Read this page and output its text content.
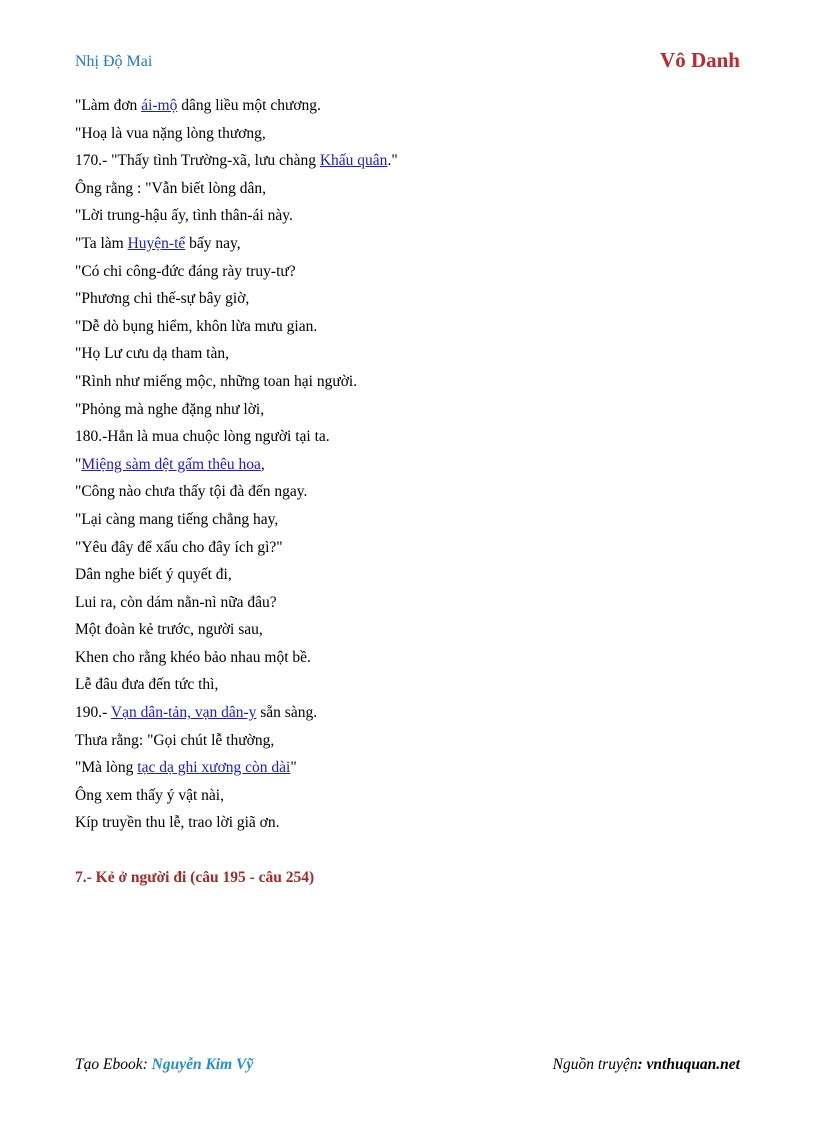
Nhị Độ Mai	Vô Danh
"Làm đơn ái-mộ dâng liều một chương.
"Hoạ là vua nặng lòng thương,
170.- "Thấy tình Trường-xã, lưu chàng Khấu quân."
Ông rằng : "Vẫn biết lòng dân,
"Lời trung-hậu ấy, tình thân-ái này.
"Ta làm Huyện-tể bấy nay,
"Có chi công-đức đáng rày truy-tư?
"Phương chi thế-sự bây giờ,
"Dễ dò bụng hiểm, khôn lừa mưu gian.
"Họ Lư cưu dạ tham tàn,
"Rình như miếng mộc, những toan hại người.
"Phỏng mà nghe đặng như lời,
180.-Hẳn là mua chuộc lòng người tại ta.
"Miệng sàm dệt gấm thêu hoa,
"Công nào chưa thấy tội đà đến ngay.
"Lại càng mang tiếng chẳng hay,
"Yêu đây để xấu cho đây ích gì?"
Dân nghe biết ý quyết đi,
Lui ra, còn dám nằn-nì nữa đâu?
Một đoàn kẻ trước, người sau,
Khen cho rằng khéo bảo nhau một bề.
Lễ đâu đưa đến tức thì,
190.- Vạn dân-tản, vạn dân-y sẵn sàng.
Thưa rằng: "Gọi chút lễ thường,
"Mà lòng tạc dạ ghi xương còn dài"
Ông xem thấy ý vật nài,
Kíp truyền thu lễ, trao lời giã ơn.
7.- Kẻ ở người đi (câu 195 - câu 254)
Tạo Ebook: Nguyễn Kim Vỹ	Nguồn truyện: vnthuquan.net
